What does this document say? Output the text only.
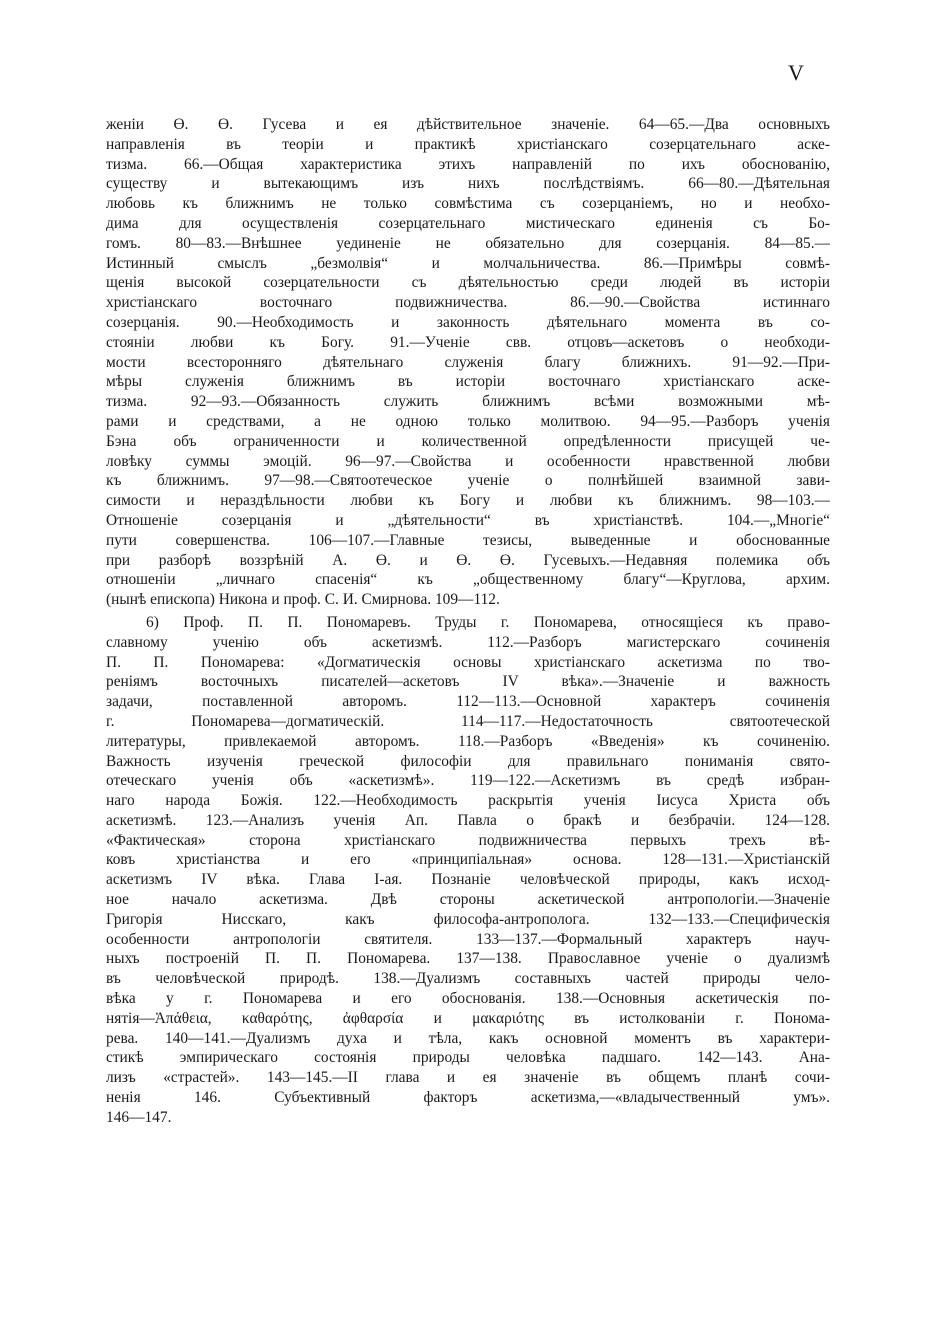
V
женіи Ө. Ө. Гусева и ея дѣйствительное значеніе. 64—65.—Два основныхъ
направленія въ теоріи и практикѣ христіанскаго созерцательнаго аске-
тизма. 66.—Общая характеристика этихъ направленій по ихъ обоснованію,
существу и вытекающимъ изъ нихъ послѣдствіямъ. 66—80.—Дѣятельная
любовь къ ближнимъ не только совмѣстима съ созерцаніемъ, но и необхо-
дима для осуществленія созерцательнаго мистическаго единенія съ Бо-
гомъ. 80—83.—Внѣшнее уединеніе не обязательно для созерцанія. 84—85.—
Истинный смыслъ „безмолвія“ и молчальничества. 86.—Примѣры совмѣ-
щенія высокой созерцательности съ дѣятельностью среди людей въ исторіи
христіанскаго восточнаго подвижничества. 86.—90.—Свойства истиннаго
созерцанія. 90.—Необходимость и законность дѣятельнаго момента въ со-
стояніи любви къ Богу. 91.—Ученіе свв. отцовъ—аскетовъ о необходи-
мости всесторонняго дѣятельнаго служенія благу ближнихъ. 91—92.—При-
мѣры служенія ближнимъ въ исторіи восточнаго христіанскаго аске-
тизма. 92—93.—Обязанность служить ближнимъ всѣми возможными мѣ-
рами и средствами, а не одною только молитвою. 94—95.—Разборъ ученія
Бэна объ ограниченности и количественной опредѣленности присущей че-
ловѣку суммы эмоцій. 96—97.—Свойства и особенности нравственной любви
къ ближнимъ. 97—98.—Святоотеческое ученіе о полнѣйшей взаимной зави-
симости и нераздѣльности любви къ Богу и любви къ ближнимъ. 98—103.—
Отношеніе созерцанія и „дѣятельности“ въ христіанствѣ. 104.—„Многіе“
пути совершенства. 106—107.—Главные тезисы, выведенные и обоснованные
при разборѣ воззрѣній А. Ө. и Ө. Ө. Гусевыхъ.—Недавняя полемика объ
отношеніи „личнаго спасенія“ къ „общественному благу“—Круглова, архим.
(нынѣ епископа) Никона и проф. С. И. Смирнова. 109—112.
6) Проф. П. П. Пономаревъ. Труды г. Пономарева, относящіеся къ право-
славному ученію объ аскетизмѣ. 112.—Разборъ магистерскаго сочиненія
П. П. Пономарева: «Догматическія основы христіанскаго аскетизма по тво-
реніямъ восточныхъ писателей—аскетовъ IV вѣка».—Значеніе и важность
задачи, поставленной авторомъ. 112—113.—Основной характеръ сочиненія
г. Пономарева—догматическій. 114—117.—Недостаточность святоотеческой
литературы, привлекаемой авторомъ. 118.—Разборъ «Введенія» къ сочиненію.
Важность изученія греческой философіи для правильнаго пониманія свято-
отеческаго ученія объ «аскетизмѣ». 119—122.—Аскетизмъ въ средѣ избран-
наго народа Божія. 122.—Необходимость раскрытія ученія Іисуса Христа объ
аскетизмѣ. 123.—Анализъ ученія Ап. Павла о бракѣ и безбрачіи. 124—128.
«Фактическая» сторона христіанскаго подвижничества первыхъ трехъ вѣ-
ковъ христіанства и его «принципіальная» основа. 128—131.—Христіанскій
аскетизмъ IV вѣка. Глава I-ая. Познаніе человѣческой природы, какъ исход-
ное начало аскетизма. Двѣ стороны аскетической антропологіи.—Значеніе
Григорія Нисскаго, какъ философа-антрополога. 132—133.—Специфическія
особенности антропологіи святителя. 133—137.—Формальный характеръ науч-
ныхъ построеній П. П. Пономарева. 137—138. Православное ученіе о дуализмѣ
въ человѣческой природѣ. 138.—Дуализмъ составныхъ частей природы чело-
вѣка у г. Пономарева и его обоснованія. 138.—Основныя аскетическія по-
нятія—Ἀπάθεια, καθαρότης, ἀφθαρσία и μακαριότης въ истолкованіи г. Понома-
рева. 140—141.—Дуализмъ духа и тѣла, какъ основной моментъ въ характери-
стикѣ эмпирическаго состоянія природы человѣка падшаго. 142—143. Ана-
лизъ «страстей». 143—145.—II глава и ея значеніе въ общемъ планѣ сочи-
ненія 146. Субъективный факторъ аскетизма,—«владычественный умъ».
146—147.
